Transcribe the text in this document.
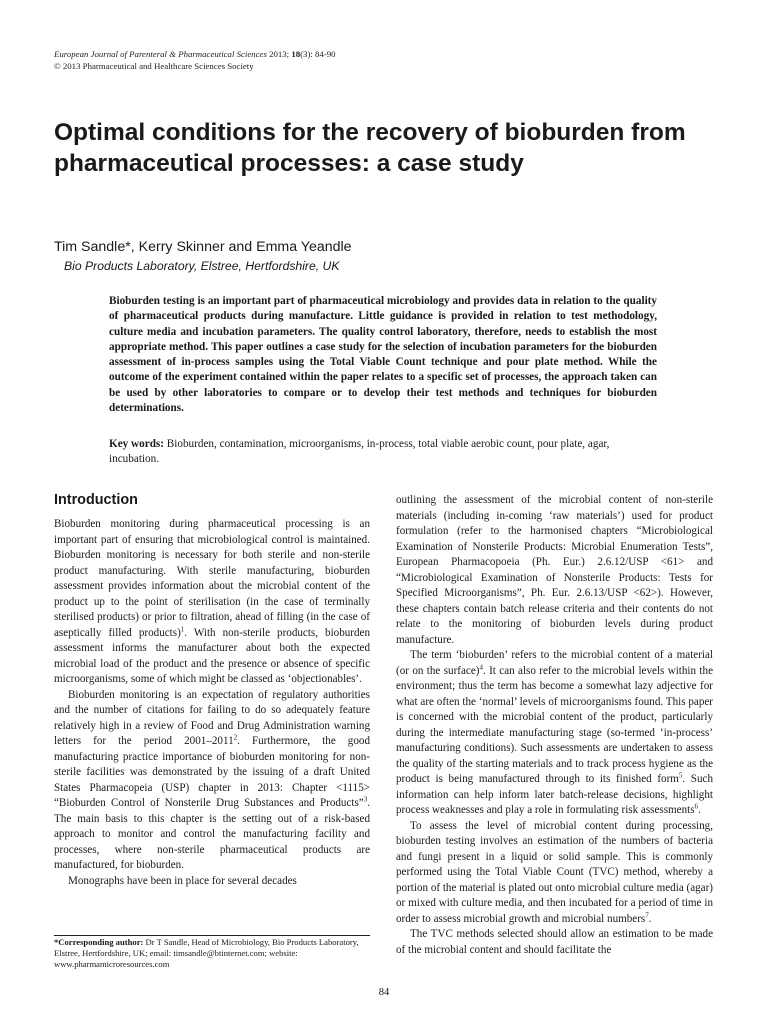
European Journal of Parenteral & Pharmaceutical Sciences 2013; 18(3): 84-90
© 2013 Pharmaceutical and Healthcare Sciences Society
Optimal conditions for the recovery of bioburden from pharmaceutical processes: a case study
Tim Sandle*, Kerry Skinner and Emma Yeandle
Bio Products Laboratory, Elstree, Hertfordshire, UK

Bioburden testing is an important part of pharmaceutical microbiology and provides data in relation to the quality of pharmaceutical products during manufacture. Little guidance is provided in relation to test methodology, culture media and incubation parameters. The quality control laboratory, therefore, needs to establish the most appropriate method. This paper outlines a case study for the selection of incubation parameters for the bioburden assessment of in-process samples using the Total Viable Count technique and pour plate method. While the outcome of the experiment contained within the paper relates to a specific set of processes, the approach taken can be used by other laboratories to compare or to develop their test methods and techniques for bioburden determinations.

Key words: Bioburden, contamination, microorganisms, in-process, total viable aerobic count, pour plate, agar, incubation.

Introduction

Bioburden monitoring during pharmaceutical processing is an important part of ensuring that microbiological control is maintained. Bioburden monitoring is necessary for both sterile and non-sterile product manufacturing. With sterile manufacturing, bioburden assessment provides information about the microbial content of the product up to the point of sterilisation (in the case of terminally sterilised products) or prior to filtration, ahead of filling (in the case of aseptically filled products)$^1$. With non-sterile products, bioburden assessment informs the manufacturer about both the expected microbial load of the product and the presence or absence of specific microorganisms, some of which might be classed as ‘objectionables’.

Bioburden monitoring is an expectation of regulatory authorities and the number of citations for failing to do so adequately feature relatively high in a review of Food and Drug Administration warning letters for the period 2001–2011$^2$. Furthermore, the good manufacturing practice importance of bioburden monitoring for non-sterile facilities was demonstrated by the issuing of a draft United States Pharmacopeia (USP) chapter in 2013: Chapter <1115> “Bioburden Control of Nonsterile Drug Substances and Products”$^3$. The main basis to this chapter is the setting out of a risk-based approach to monitor and control the manufacturing facility and processes, where non-sterile pharmaceutical products are manufactured, for bioburden.

Monographs have been in place for several decades

outlining the assessment of the microbial content of non-sterile materials (including in-coming ‘raw materials’) used for product formulation (refer to the harmonised chapters “Microbiological Examination of Nonsterile Products: Microbial Enumeration Tests”, European Pharmacopoeia (Ph. Eur.) 2.6.12/USP <61> and “Microbiological Examination of Nonsterile Products: Tests for Specified Microorganisms”, Ph. Eur. 2.6.13/USP <62>). However, these chapters contain batch release criteria and their contents do not relate to the monitoring of bioburden levels during product manufacture.

The term ‘bioburden’ refers to the microbial content of a material (or on the surface)$^4$. It can also refer to the microbial levels within the environment; thus the term has become a somewhat lazy adjective for what are often the ‘normal’ levels of microorganisms found. This paper is concerned with the microbial content of the product, particularly during the intermediate manufacturing stage (so-termed ‘in-process’ manufacturing conditions). Such assessments are undertaken to assess the quality of the starting materials and to track process hygiene as the product is being manufactured through to its finished form$^5$. Such information can help inform later batch-release decisions, highlight process weaknesses and play a role in formulating risk assessments$^6$.

To assess the level of microbial content during processing, bioburden testing involves an estimation of the numbers of bacteria and fungi present in a liquid or solid sample. This is commonly performed using the Total Viable Count (TVC) method, whereby a portion of the material is plated out onto microbial culture media (agar) or mixed with culture media, and then incubated for a period of time in order to assess microbial growth and microbial numbers$^7$.

The TVC methods selected should allow an estimation to be made of the microbial content and should facilitate the

*Corresponding author: Dr T Sandle, Head of Microbiology, Bio Products Laboratory, Elstree, Hertfordshire, UK; email: timsandle@btinternet.com; website: www.pharmamicroresources.com

84
